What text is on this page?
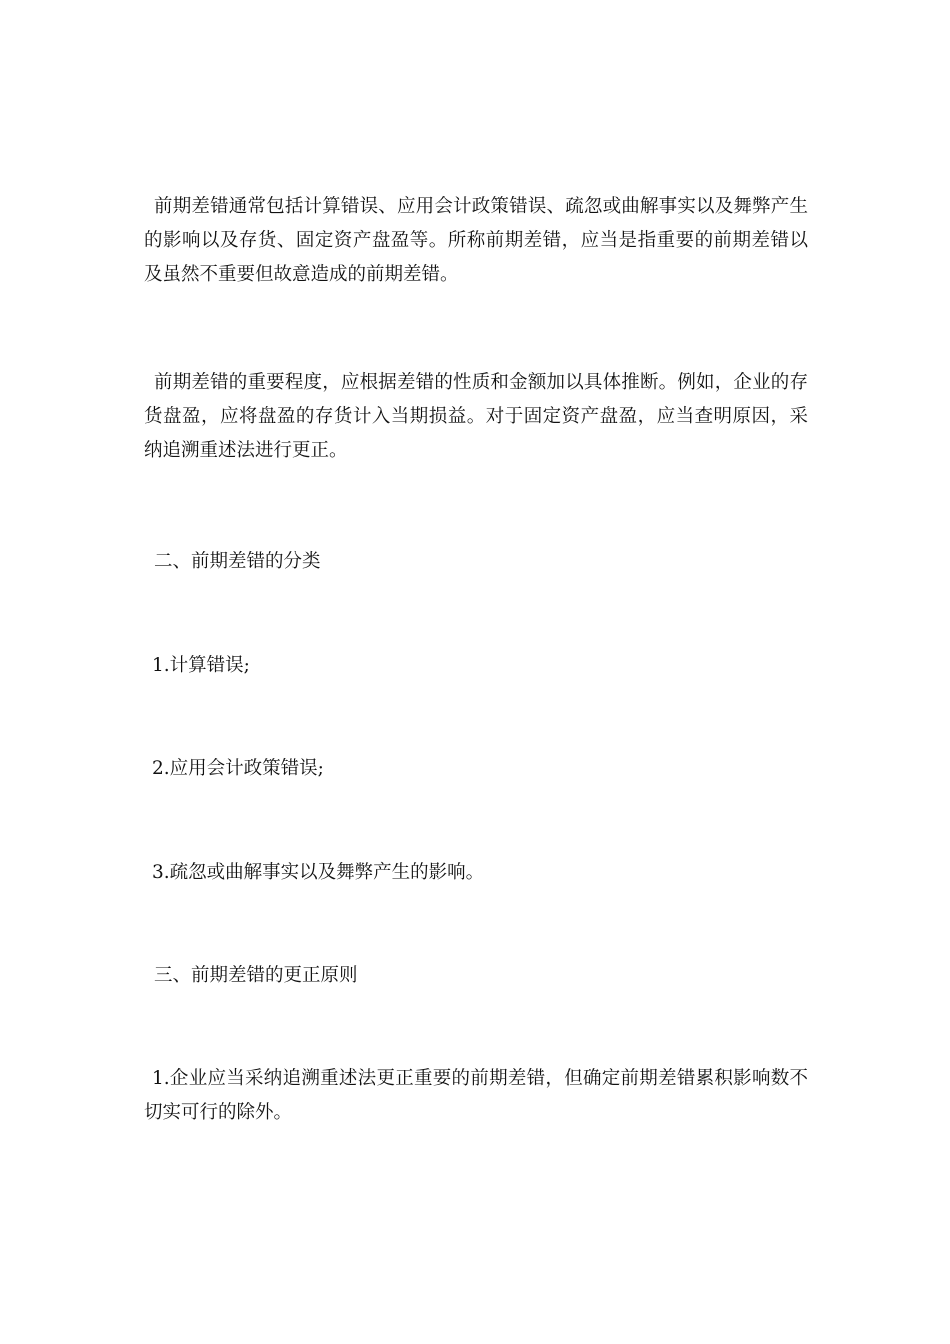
前期差错通常包括计算错误、应用会计政策错误、疏忽或曲解事实以及舞弊产生的影响以及存货、固定资产盘盈等。所称前期差错，应当是指重要的前期差错以及虽然不重要但故意造成的前期差错。

前期差错的重要程度，应根据差错的性质和金额加以具体推断。例如，企业的存货盘盈，应将盘盈的存货计入当期损益。对于固定资产盘盈，应当查明原因，采纳追溯重述法进行更正。

二、前期差错的分类

1.计算错误;

2.应用会计政策错误;

3.疏忽或曲解事实以及舞弊产生的影响。

三、前期差错的更正原则

1.企业应当采纳追溯重述法更正重要的前期差错，但确定前期差错累积影响数不切实可行的除外。
